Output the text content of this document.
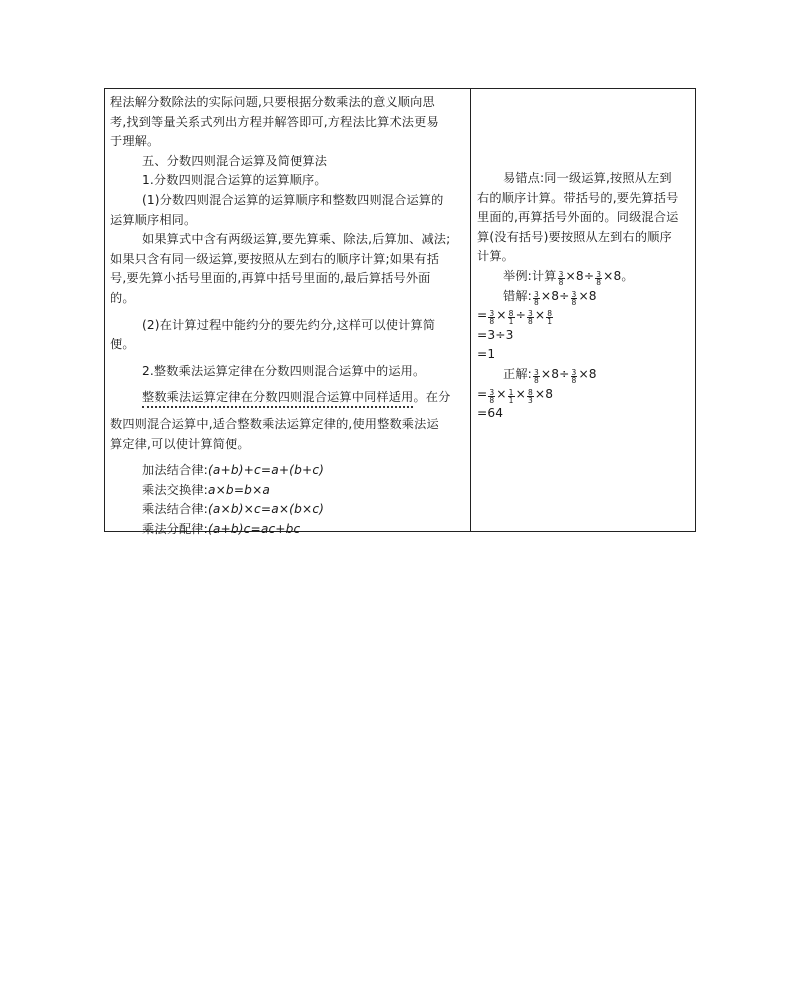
程法解分数除法的实际问题,只要根据分数乘法的意义顺向思

考,找到等量关系式列出方程并解答即可,方程法比算术法更易

于理解。

五、分数四则混合运算及简便算法

1.分数四则混合运算的运算顺序。

(1)分数四则混合运算的运算顺序和整数四则混合运算的

运算顺序相同。

如果算式中含有两级运算,要先算乘、除法,后算加、减法;

如果只含有同一级运算,要按照从左到右的顺序计算;如果有括

号,要先算小括号里面的,再算中括号里面的,最后算括号外面

的。

(2)在计算过程中能约分的要先约分,这样可以使计算简

便。

2.整数乘法运算定律在分数四则混合运算中的运用。

整数乘法运算定律在分数四则混合运算中同样适用。在分

数四则混合运算中,适合整数乘法运算定律的,使用整数乘法运

算定律,可以使计算简便。

加法结合律:(a+b)+c=a+(b+c)

乘法交换律:a×b=b×a

乘法结合律:(a×b)×c=a×(b×c)

乘法分配律:(a+b)c=ac+bc

易错点:同一级运算,按照从左到

右的顺序计算。带括号的,要先算括号

里面的,再算括号外面的。同级混合运

算(没有括号)要按照从左到右的顺序

计算。

举例:计算 $\frac{3}{8} \times 8\div \frac{3}{8} \times 8$。

错解: $\frac{3}{8} \times 8\div \frac{3}{8} \times 8$

= $\frac{3}{8} \times \frac{8}{1} \div \frac{3}{8} \times \frac{8}{1}$

=3÷3

=1

正解: $\frac{3}{8} \times 8\div \frac{3}{8} \times 8$

= $\frac{3}{8} \times \frac{1}{1} \times \frac{8}{3} \times 8$

=64
